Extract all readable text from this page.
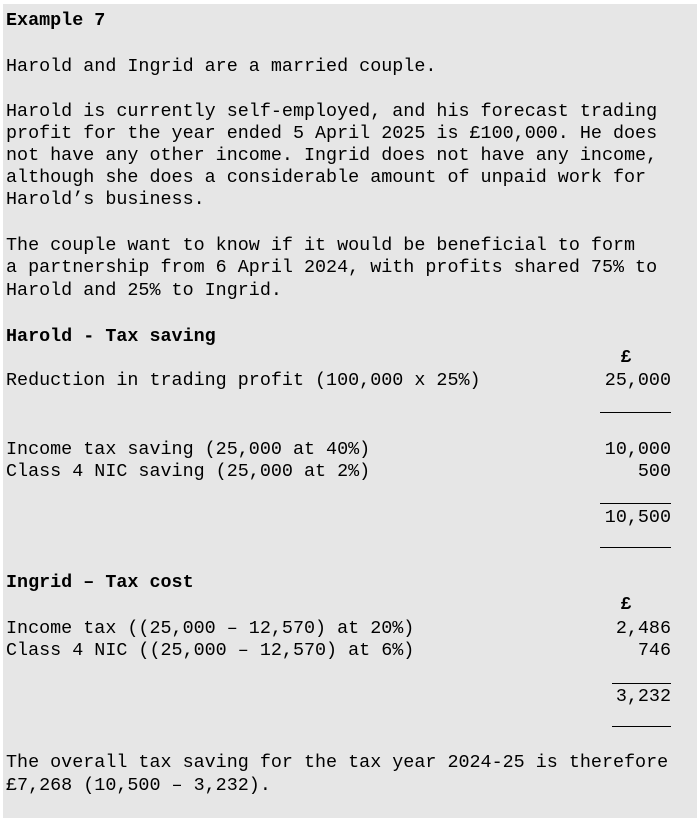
Example 7

Harold and Ingrid are a married couple.

Harold is currently self-employed, and his forecast trading

profit for the year ended 5 April 2025 is £100,000. He does

not have any other income. Ingrid does not have any income,

although she does a considerable amount of unpaid work for

Harold’s business.

The couple want to know if it would be beneficial to form

a partnership from 6 April 2024, with profits shared 75% to

Harold and 25% to Ingrid.

Harold - Tax saving

£

Reduction in trading profit (100,000 x 25%)	25,000

Income tax saving (25,000 at 40%)	10,000

Class 4 NIC saving (25,000 at 2%)	500

10,500

Ingrid – Tax cost

£

Income tax ((25,000 – 12,570) at 20%)	2,486

Class 4 NIC ((25,000 – 12,570) at 6%)	746

3,232

The overall tax saving for the tax year 2024-25 is therefore

£7,268 (10,500 – 3,232).
